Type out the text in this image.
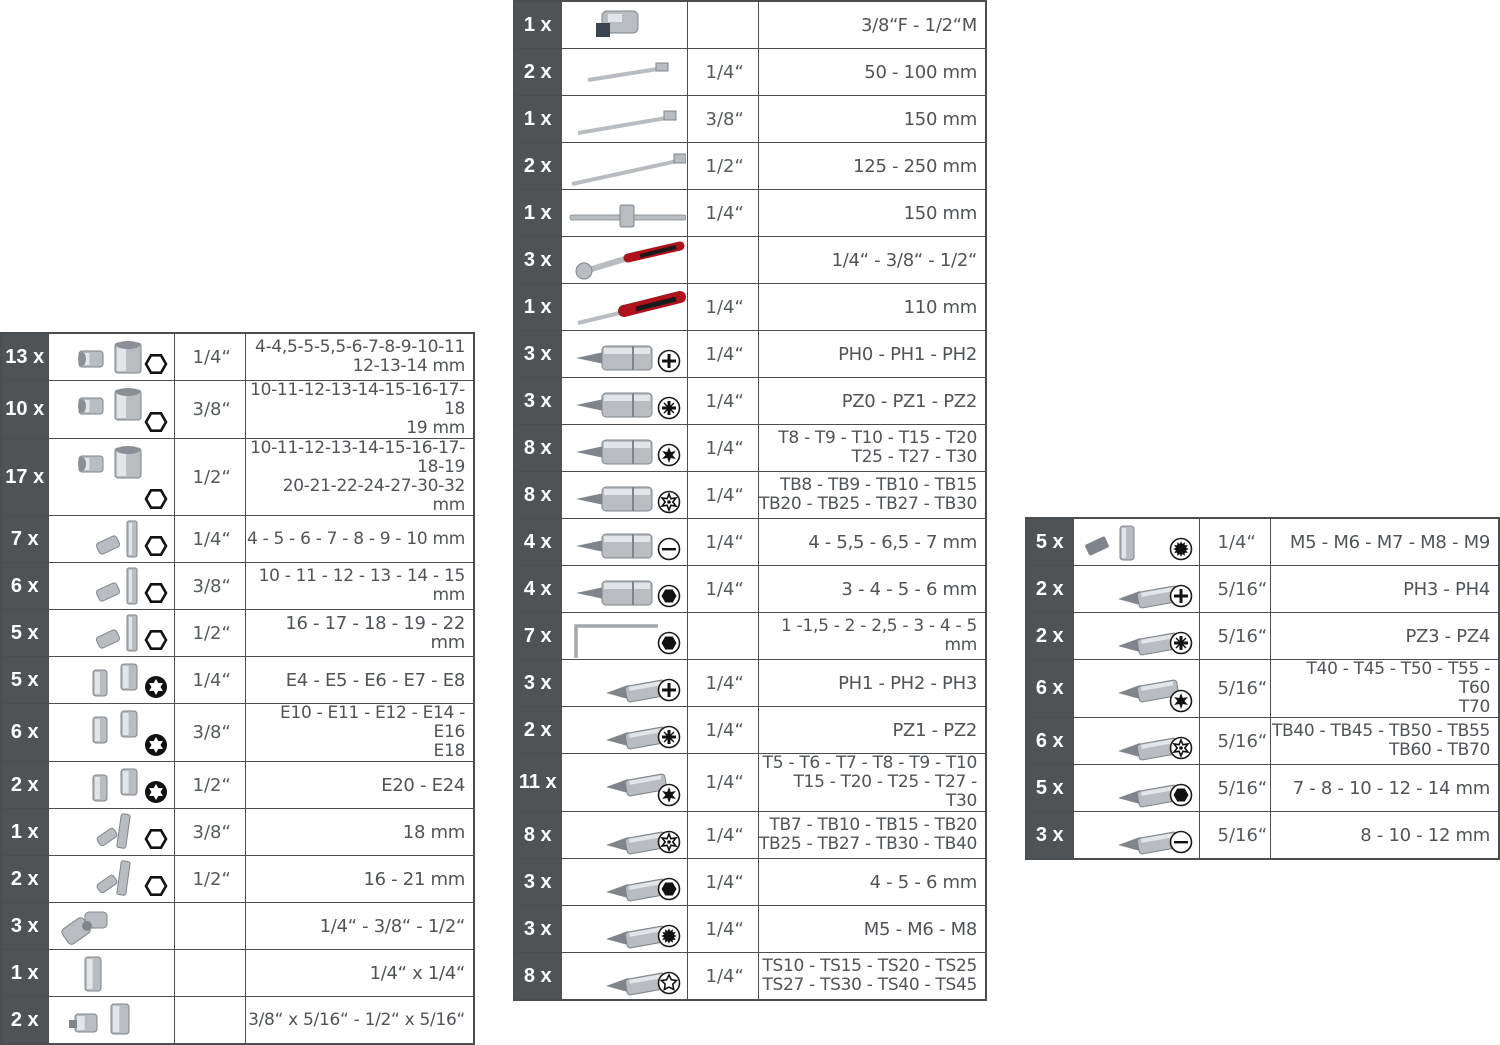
13 x		1/4“	4-4,5-5-5,5-6-7-8-9-10-11
12-13-14 mm
10 x		3/8“	10-11-12-13-14-15-16-17-18
19 mm
17 x		1/2“	10-11-12-13-14-15-16-17-18-19
20-21-22-24-27-30-32 mm
7 x		1/4“	4 - 5 - 6 - 7 - 8 - 9 - 10 mm
6 x		3/8“	10 - 11 - 12 - 13 - 14 - 15 mm
5 x		1/2“	16 - 17 - 18 - 19 - 22 mm
5 x		1/4“	E4 - E5 - E6 - E7 - E8
6 x		3/8“	E10 - E11 - E12 - E14 - E16
E18
2 x		1/2“	E20 - E24
1 x		3/8“	18 mm
2 x		1/2“	16 - 21 mm
3 x			1/4“ - 3/8“ - 1/2“
1 x			1/4“ x 1/4“
2 x			3/8“ x 5/16“ - 1/2“ x 5/16“
1 x			3/8“F - 1/2“M
2 x		1/4“	50 - 100 mm
1 x		3/8“	150 mm
2 x		1/2“	125 - 250 mm
1 x		1/4“	150 mm
3 x			1/4“ - 3/8“ - 1/2“
1 x		1/4“	110 mm
3 x		1/4“	PH0 - PH1 - PH2
3 x		1/4“	PZ0 - PZ1 - PZ2
8 x		1/4“	T8 - T9 - T10 - T15 - T20
T25 - T27 - T30
8 x		1/4“	TB8 - TB9 - TB10 - TB15
TB20 - TB25 - TB27 - TB30
4 x		1/4“	4 - 5,5 - 6,5 - 7 mm
4 x		1/4“	3 - 4 - 5 - 6 mm
7 x			1 -1,5 - 2 - 2,5 - 3 - 4 - 5 mm
3 x		1/4“	PH1 - PH2 - PH3
2 x		1/4“	PZ1 - PZ2
11 x		1/4“	T5 - T6 - T7 - T8 - T9 - T10
T15 - T20 - T25 - T27 - T30
8 x		1/4“	TB7 - TB10 - TB15 - TB20
TB25 - TB27 - TB30 - TB40
3 x		1/4“	4 - 5 - 6 mm
3 x		1/4“	M5 - M6 - M8
8 x		1/4“	TS10 - TS15 - TS20 - TS25
TS27 - TS30 - TS40 - TS45
5 x		1/4“	M5 - M6 - M7 - M8 - M9
2 x		5/16“	PH3 - PH4
2 x		5/16“	PZ3 - PZ4
6 x		5/16“	T40 - T45 - T50 - T55 - T60
T70
6 x		5/16“	TB40 - TB45 - TB50 - TB55
TB60 - TB70
5 x		5/16“	7 - 8 - 10 - 12 - 14 mm
3 x		5/16“	8 - 10 - 12 mm
